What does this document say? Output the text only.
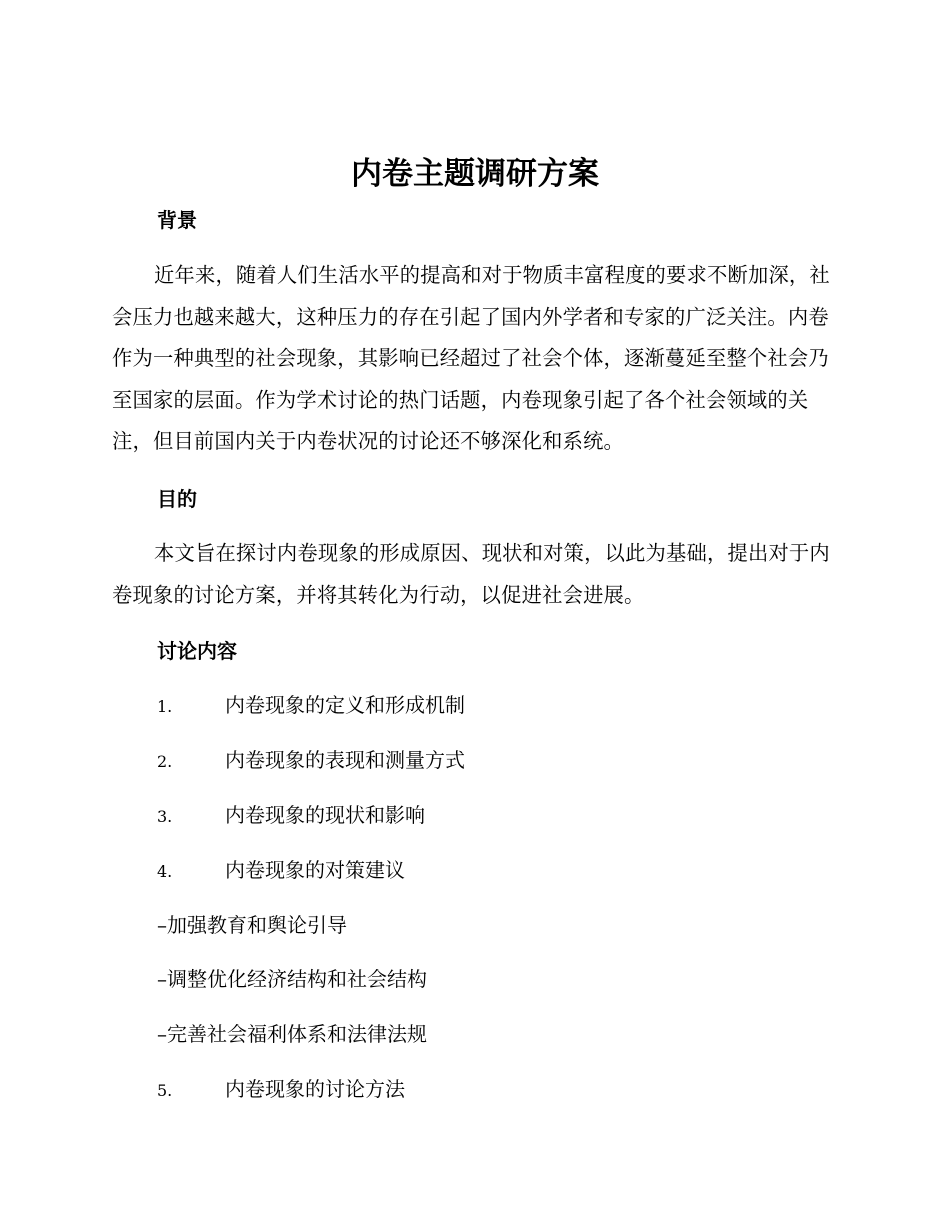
内卷主题调研方案
背景

近年来，随着人们生活水平的提高和对于物质丰富程度的要求不断加深，社会压力也越来越大，这种压力的存在引起了国内外学者和专家的广泛关注。内卷作为一种典型的社会现象，其影响已经超过了社会个体，逐渐蔓延至整个社会乃至国家的层面。作为学术讨论的热门话题，内卷现象引起了各个社会领域的关注，但目前国内关于内卷状况的讨论还不够深化和系统。

目的

本文旨在探讨内卷现象的形成原因、现状和对策，以此为基础，提出对于内卷现象的讨论方案，并将其转化为行动，以促进社会进展。

讨论内容
1.	内卷现象的定义和形成机制
2.	内卷现象的表现和测量方式
3.	内卷现象的现状和影响
4.	内卷现象的对策建议
–加强教育和舆论引导
–调整优化经济结构和社会结构
–完善社会福利体系和法律法规
5.	内卷现象的讨论方法
